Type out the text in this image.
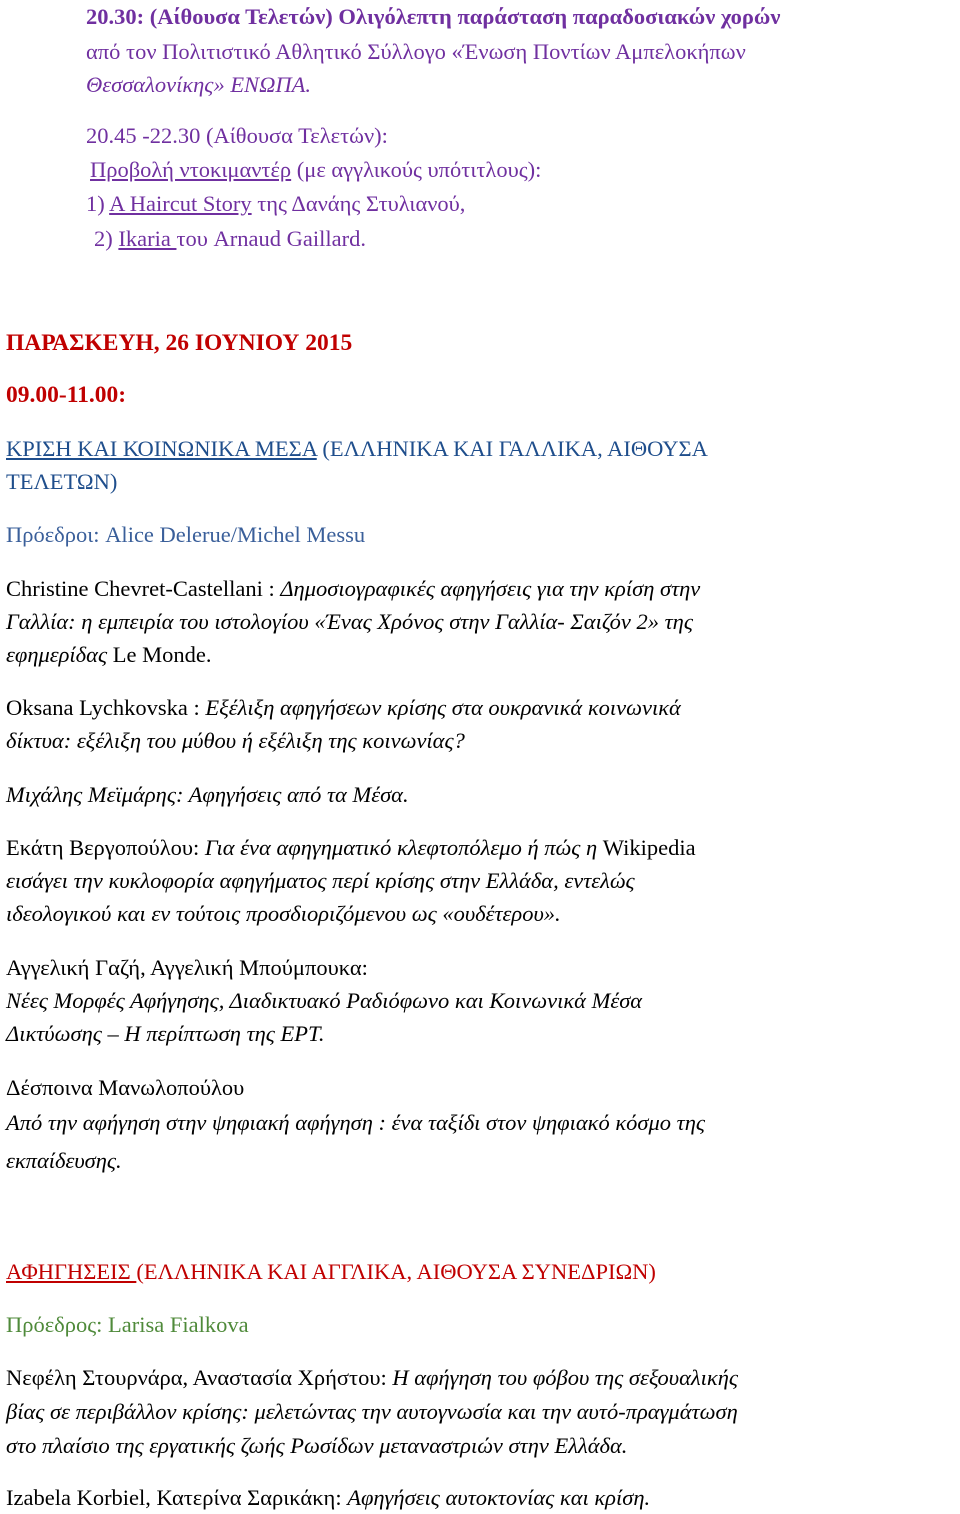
20.30: (Αίθουσα Τελετών) Ολιγόλεπτη παράσταση παραδοσιακών χορών
από τον Πολιτιστικό Αθλητικό Σύλλογο «Ένωση Ποντίων Αμπελοκήπων
Θεσσαλονίκης» ΕΝΩΠΑ.
20.45 -22.30 (Αίθουσα Τελετών):
Προβολή ντοκιμαντέρ (με αγγλικούς υπότιτλους):
1) A Haircut Story της Δανάης Στυλιανού,
2) Ikaria του Arnaud Gaillard.
ΠΑΡΑΣΚΕΥΗ, 26 ΙΟΥΝΙΟΥ 2015
09.00-11.00:
ΚΡΙΣΗ ΚΑΙ ΚΟΙΝΩΝΙΚΑ ΜΕΣΑ (ΕΛΛΗΝΙΚΑ ΚΑΙ ΓΑΛΛΙΚΑ, ΑΙΘΟΥΣΑ
ΤΕΛΕΤΩΝ)
Πρόεδροι: Alice Delerue/Michel Messu
Christine Chevret-Castellani : Δημοσιογραφικές αφηγήσεις για την κρίση στην
Γαλλία: η εμπειρία του ιστολογίου «Ένας Χρόνος στην Γαλλία- Σαιζόν 2» της
εφημερίδας Le Monde.
Oksana Lychkovska : Εξέλιξη αφηγήσεων κρίσης στα ουκρανικά κοινωνικά
δίκτυα: εξέλιξη του μύθου ή εξέλιξη της κοινωνίας?
Μιχάλης Μεϊμάρης: Αφηγήσεις από τα Μέσα.
Εκάτη Βεργοπούλου: Για ένα αφηγηματικό κλεφτοπόλεμο ή πώς η Wikipedia
εισάγει την κυκλοφορία αφηγήματος περί κρίσης στην Ελλάδα, εντελώς
ιδεολογικού και εν τούτοις προσδιοριζόμενου ως «ουδέτερου».
Αγγελική Γαζή, Αγγελική Μπούμπουκα:
Νέες Μορφές Αφήγησης, Διαδικτυακό Ραδιόφωνο και Κοινωνικά Μέσα
Δικτύωσης – Η περίπτωση της ΕΡΤ.
Δέσποινα Μανωλοπούλου
Από την αφήγηση στην ψηφιακή αφήγηση : ένα ταξίδι στον ψηφιακό κόσμο της
εκπαίδευσης.
ΑΦΗΓΗΣΕΙΣ (ΕΛΛΗΝΙΚΑ ΚΑΙ ΑΓΓΛΙΚΑ, ΑΙΘΟΥΣΑ ΣΥΝΕΔΡΙΩΝ)
Πρόεδρος: Larisa Fialkova
Νεφέλη Στουρνάρα, Αναστασία Χρήστου: Η αφήγηση του φόβου της σεξουαλικής
βίας σε περιβάλλον κρίσης: μελετώντας την αυτογνωσία και την αυτό-πραγμάτωση
στο πλαίσιο της εργατικής ζωής Ρωσίδων μεταναστριών στην Ελλάδα.
Izabela Korbiel, Κατερίνα Σαρικάκη: Αφηγήσεις αυτοκτονίας και κρίση.
